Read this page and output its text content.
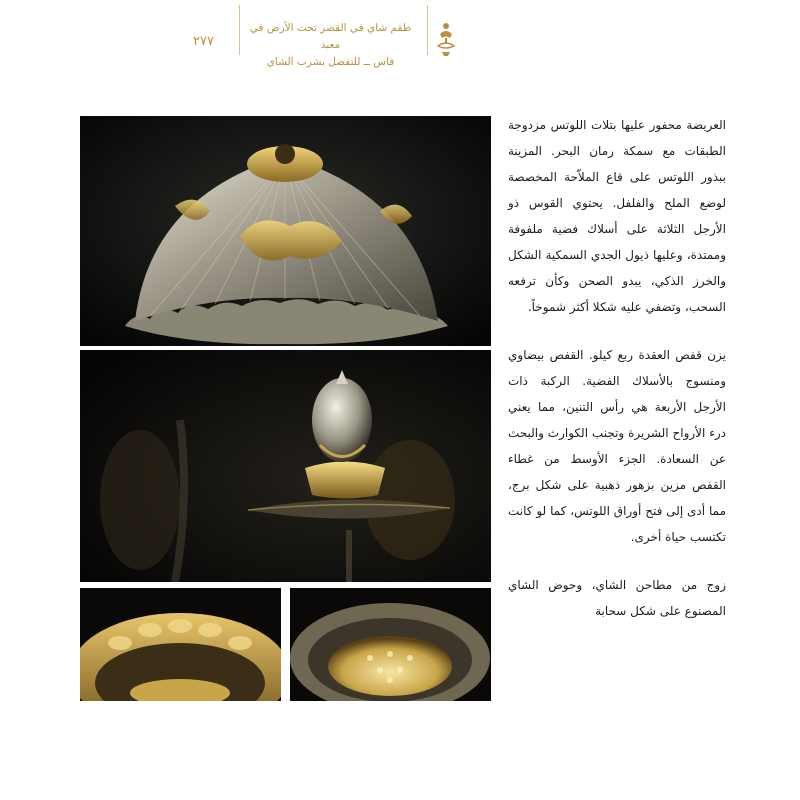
٢٧٧
طقم شاي في القصر تحت الأرض في معبد
فاس ــ للتفضل بشرب الشاي

العريضة محفور عليها بتلات اللوتس مزدوجة الطبقات مع سمكة رمان البحر. المزينة ببذور اللوتس على قاع الملاّحة المخصصة لوضع الملح والفلفل. يحتوي القوس ذو الأرجل الثلاثة على أسلاك فضية ملفوفة وممتدة، وعليها ذيول الجدي السمكية الشكل والخرز الذكي، يبدو الصحن وكأن ترفعه السحب، وتضفي عليه شكلا أكثر شموخاً.

يزن قفص العقدة ربع كيلو. القفص بيضاوي ومنسوج بالأسلاك الفضية. الركبة ذات الأرجل الأربعة هي رأس التنين، مما يعني درء الأرواح الشريرة وتجنب الكوارث والبحث عن السعادة. الجزء الأوسط من غطاء القفص مزين بزهور ذهبية على شكل برج، مما أدى إلى فتح أوراق اللوتس، كما لو كانت تكتسب حياة أخرى.

زوج من مطاحن الشاي، وحوض الشاي المصنوع على شكل سحابة
